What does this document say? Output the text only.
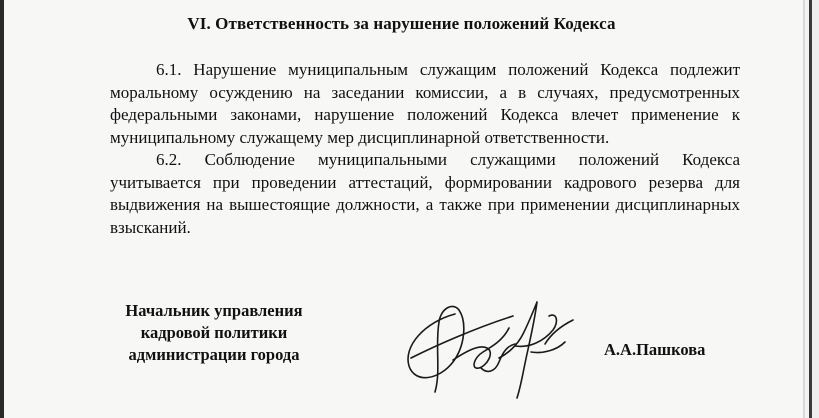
VI. Ответственность за нарушение положений Кодекса

6.1. Нарушение муниципальным служащим положений Кодекса подлежит моральному осуждению на заседании комиссии, а в случаях, предусмотренных федеральными законами, нарушение положений Кодекса влечет применение к муниципальному служащему мер дисциплинарной ответственности.

6.2. Соблюдение муниципальными служащими положений Кодекса учитывается при проведении аттестаций, формировании кадрового резерва для выдвижения на вышестоящие должности, а также при применении дисциплинарных взысканий.

Начальник управления
кадровой политики
администрации города	А.А.Пашкова
